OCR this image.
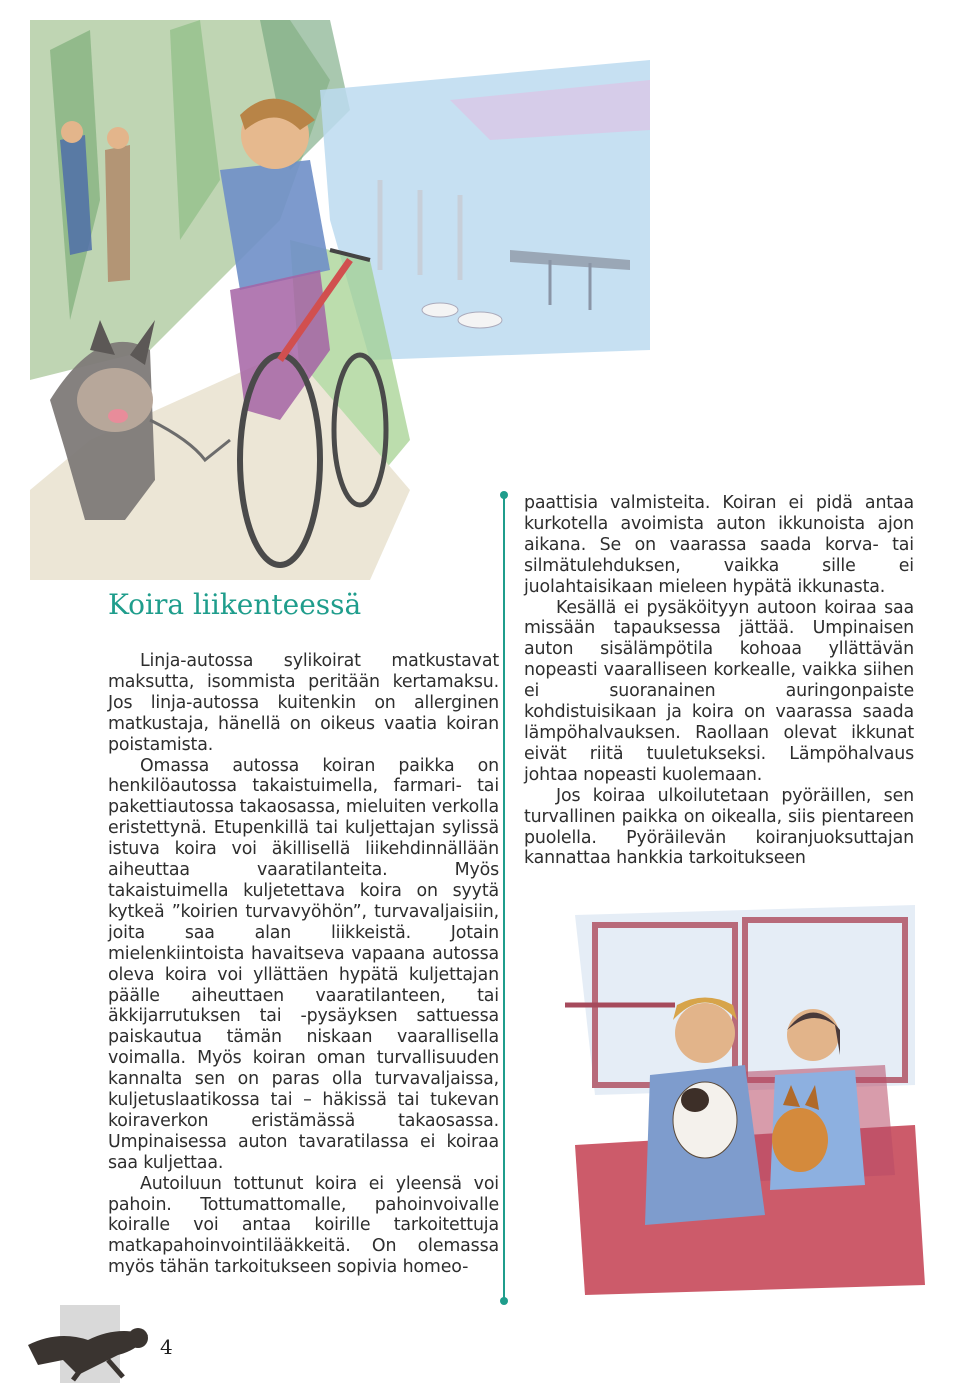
Koira liikenteessä

Linja-autossa sylikoirat matkustavat maksutta, isommista peritään kertamaksu. Jos linja-autossa kuitenkin on allerginen matkustaja, hänellä on oikeus vaatia koiran poistamista.

Omassa autossa koiran paikka on henkilöautossa takaistuimella, farmari- tai pakettiautossa takaosassa, mieluiten verkolla eristettynä. Etupenkillä tai kuljettajan sylissä istuva koira voi äkillisellä liikehdinnällään aiheuttaa vaaratilanteita. Myös takaistuimella kuljetettava koira on syytä kytkeä ”koirien turvavyöhön”, turvavaljaisiin, joita saa alan liikkeistä. Jotain mielenkiintoista havaitseva vapaana autossa oleva koira voi yllättäen hypätä kuljettajan päälle aiheuttaen vaaratilanteen, tai äkkijarrutuksen tai -pysäyksen sattuessa paiskautua tämän niskaan vaarallisella voimalla. Myös koiran oman turvallisuuden kannalta sen on paras olla turvavaljaissa, kuljetuslaatikossa tai – häkissä tai tukevan koiraverkon eristämässä takaosassa. Umpinaisessa auton tavaratilassa ei koiraa saa kuljettaa.

Autoiluun tottunut koira ei yleensä voi pahoin. Tottumattomalle, pahoinvoivalle koiralle voi antaa koirille tarkoitettuja matkapahoinvointilääkkeitä. On olemassa myös tähän tarkoitukseen sopivia homeo-

paattisia valmisteita. Koiran ei pidä antaa kurkotella avoimista auton ikkunoista ajon aikana. Se on vaarassa saada korva- tai silmätulehduksen, vaikka sille ei juolahtaisikaan mieleen hypätä ikkunasta.

Kesällä ei pysäköityyn autoon koiraa saa missään tapauksessa jättää. Umpinaisen auton sisälämpötila kohoaa yllättävän nopeasti vaaralliseen korkealle, vaikka siihen ei suoranainen auringonpaiste kohdistuisikaan ja koira on vaarassa saada lämpöhalvauksen. Raollaan olevat ikkunat eivät riitä tuuletukseksi. Lämpöhalvaus johtaa nopeasti kuolemaan.

Jos koiraa ulkoilutetaan pyöräillen, sen turvallinen paikka on oikealla, siis pientareen puolella. Pyöräilevän koiranjuoksuttajan kannattaa hankkia tarkoitukseen

4
